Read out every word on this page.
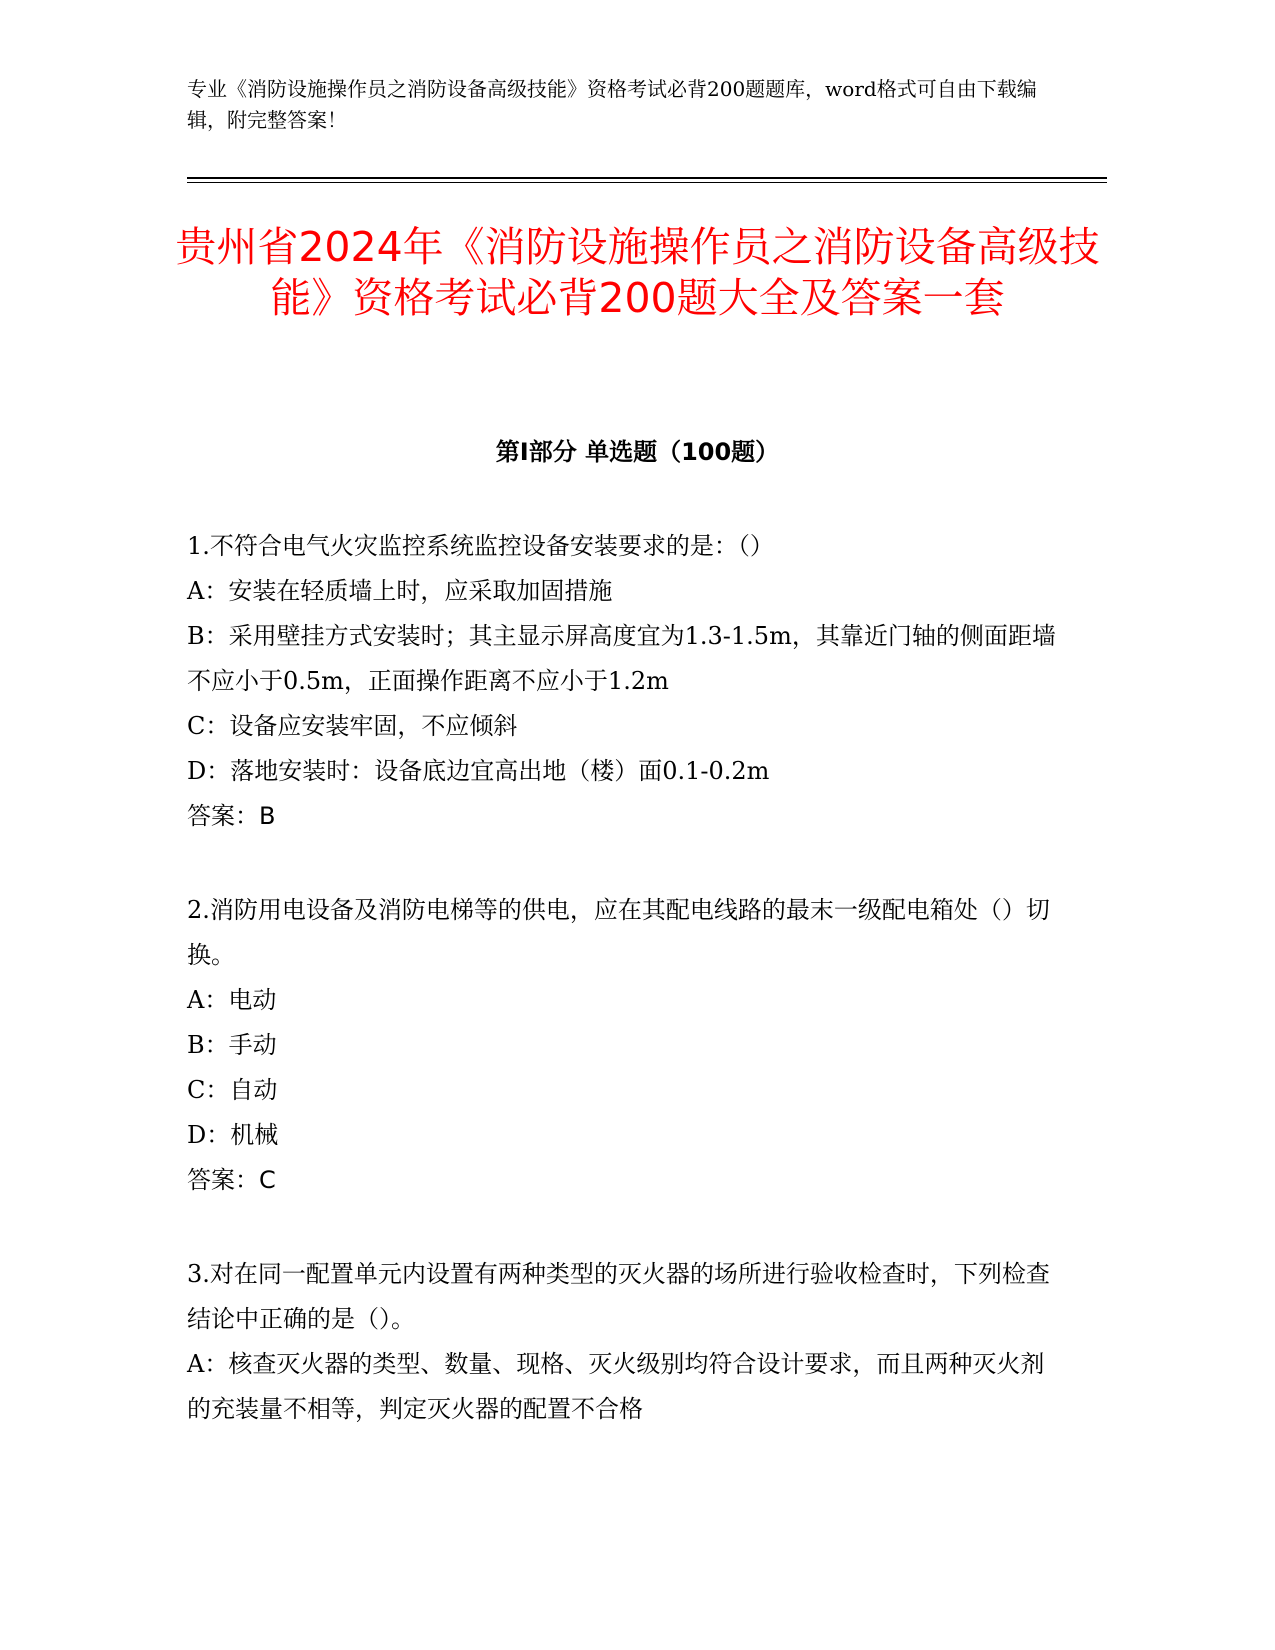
专业《消防设施操作员之消防设备高级技能》资格考试必背200题题库，word格式可自由下载编辑，附完整答案！
贵州省2024年《消防设施操作员之消防设备高级技能》资格考试必背200题大全及答案一套
第Ⅰ部分 单选题（100题）
1.不符合电气火灾监控系统监控设备安装要求的是：（）
A：安装在轻质墙上时，应采取加固措施
B：采用壁挂方式安装时；其主显示屏高度宜为1.3-1.5m，其靠近门轴的侧面距墙不应小于0.5m，正面操作距离不应小于1.2m
C：设备应安装牢固，不应倾斜
D：落地安装时：设备底边宜高出地（楼）面0.1-0.2m
答案：B
2.消防用电设备及消防电梯等的供电，应在其配电线路的最末一级配电箱处（）切换。
A：电动
B：手动
C：自动
D：机械
答案：C
3.对在同一配置单元内设置有两种类型的灭火器的场所进行验收检查时，下列检查结论中正确的是（）。
A：核查灭火器的类型、数量、现格、灭火级别均符合设计要求，而且两种灭火剂的充装量不相等，判定灭火器的配置不合格
